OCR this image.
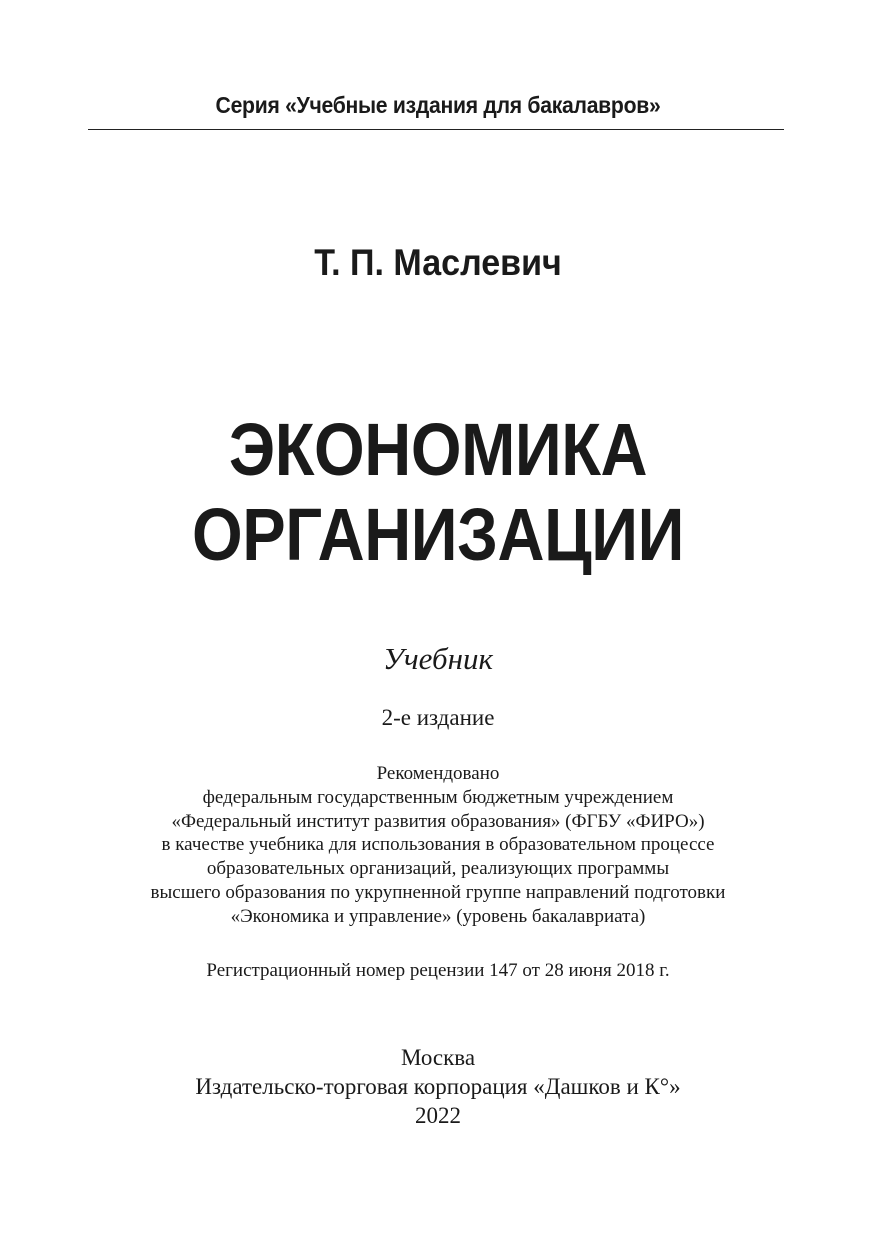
Серия «Учебные издания для бакалавров»
Т. П. Маслевич
ЭКОНОМИКА
ОРГАНИЗАЦИИ
Учебник
2-е издание
Рекомендовано
федеральным государственным бюджетным учреждением
«Федеральный институт развития образования» (ФГБУ «ФИРО»)
в качестве учебника для использования в образовательном процессе
образовательных организаций, реализующих программы
высшего образования по укрупненной группе направлений подготовки
«Экономика и управление» (уровень бакалавриата)
Регистрационный номер рецензии 147 от 28 июня 2018 г.
Москва
Издательско-торговая корпорация «Дашков и К°»
2022
